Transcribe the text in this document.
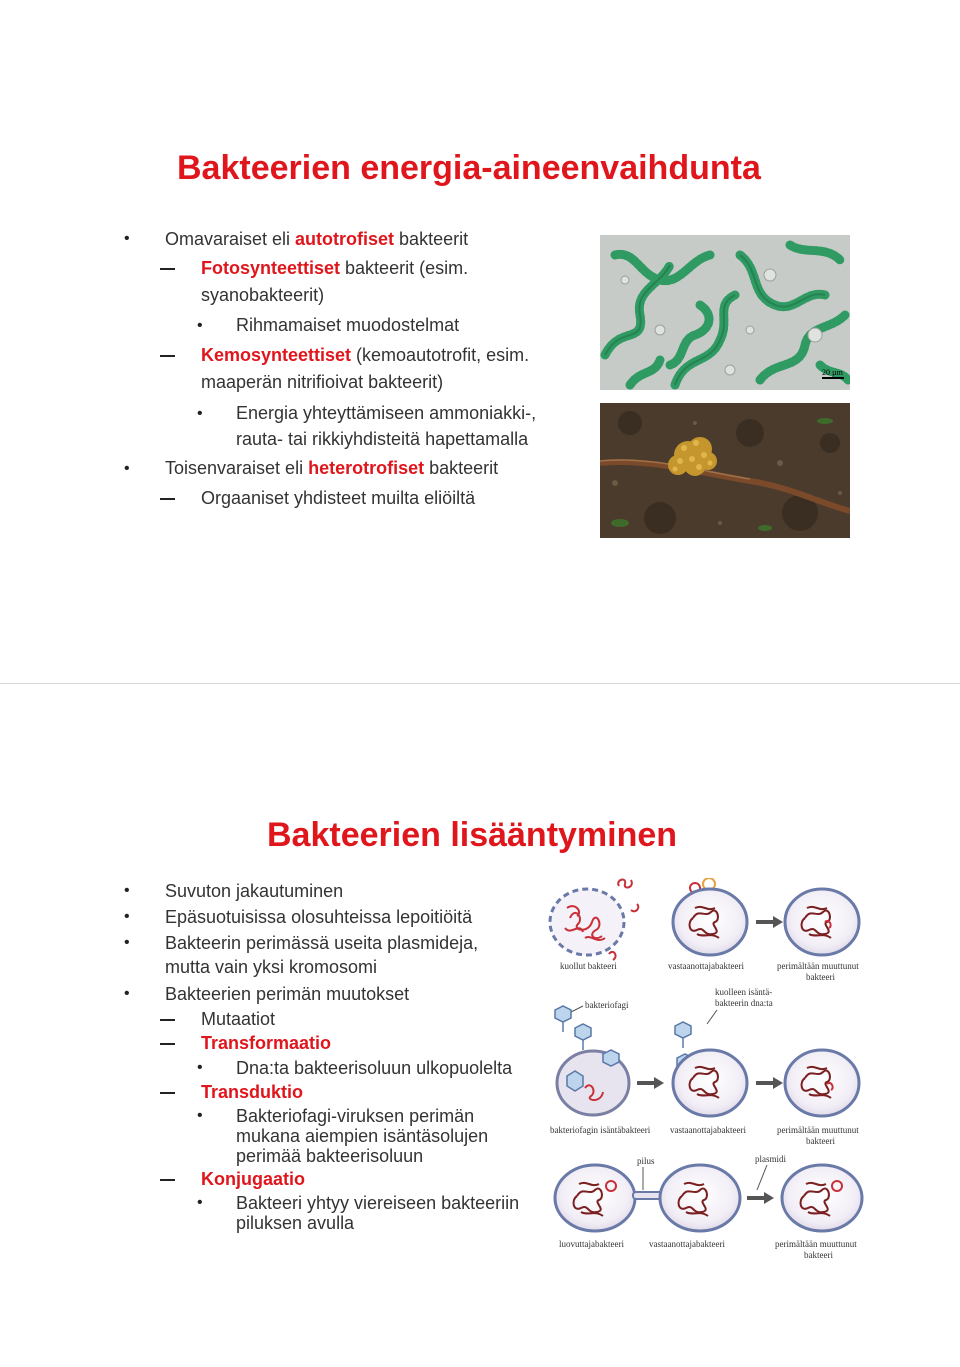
Bakteerien energia-aineenvaihdunta
• Omavaraiset eli autotrofiset bakteerit
Fotosynteettiset bakteerit (esim.
syanobakteerit)
• Rihmamaiset muodostelmat
Kemosynteettiset (kemoautotrofit, esim.
maaperän nitrifioivat bakteerit)
• Energia yhteyttämiseen ammoniakki-,
rauta- tai rikkiyhdisteitä hapettamalla
• Toisenvaraiset eli heterotrofiset bakteerit
Orgaaniset yhdisteet muilta eliöiltä
20 µm
Bakteerien lisääntyminen
• Suvuton jakautuminen
• Epäsuotuisissa olosuhteissa lepoitiöitä
• Bakteerin perimässä useita plasmideja,
mutta vain yksi kromosomi
• Bakteerien perimän muutokset
Mutaatiot
Transformaatio
• Dna:ta bakteerisoluun ulkopuolelta
Transduktio
• Bakteriofagi-viruksen perimän
mukana aiempien isäntäsolujen
perimää bakteerisoluun
Konjugaatio
• Bakteeri yhtyy viereiseen bakteeriin
piluksen avulla
kuollut bakteeri	vastaanottajabakteeri	perimältään muuttunut
bakteeri
kuolleen isäntä-
bakteerin dna:ta
bakteriofagi
bakteriofagin isäntäbakteeri vastaanottajabakteeri	perimältään muuttunut
bakteeri
pilus	plasmidi
luovuttajabakteeri	vastaanottajabakteeri	perimältään muuttunut
bakteeri
